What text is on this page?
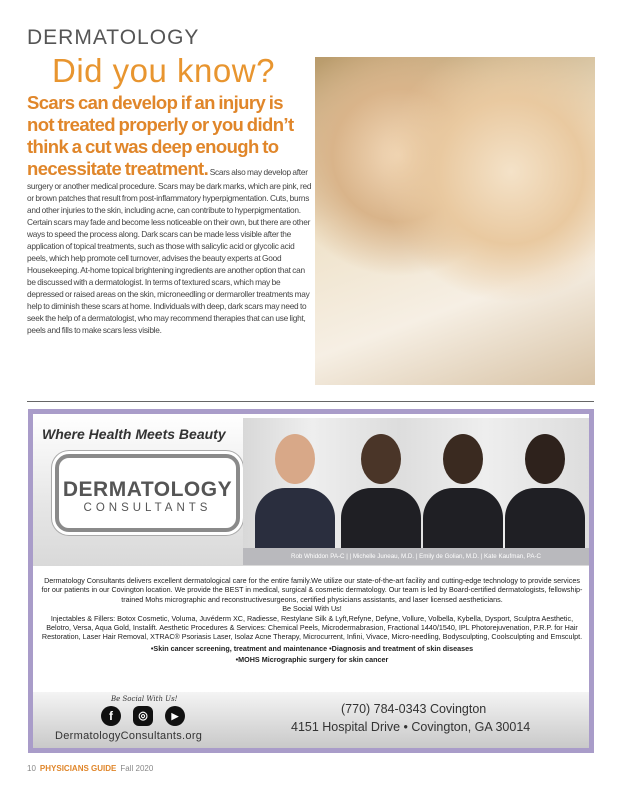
DERMATOLOGY
Did you know?
Scars can develop if an injury is not treated properly or you didn’t think a cut was deep enough to necessitate treatment. Scars also may develop after surgery or another medical procedure. Scars may be dark marks, which are pink, red or brown patches that result from post-inflammatory hyperpigmentation. Cuts, burns and other injuries to the skin, including acne, can contribute to hyperpigmentation. Certain scars may fade and become less noticeable on their own, but there are other ways to speed the process along. Dark scars can be made less visible after the application of topical treatments, such as those with salicylic acid or glycolic acid peels, which help promote cell turnover, advises the beauty experts at Good Housekeeping. At-home topical brightening ingredients are another option that can be discussed with a dermatologist. In terms of textured scars, which may be depressed or raised areas on the skin, microneedling or dermaroller treatments may help to diminish these scars at home. Individuals with deep, dark scars may need to seek the help of a dermatologist, who may recommend therapies that can use light, peels and fills to make scars less visible.
Where Health Meets Beauty
DERMATOLOGY
CONSULTANTS
Rob Whiddon PA-C | | Michelle Juneau, M.D. | Emily de Golian, M.D. | Kate Kaufman, PA-C
Dermatology Consultants delivers excellent dermatological care for the entire family.We utilize our state-of-the-art facility and cutting-edge technology to provide services for our patients in our Covington location. We provide the BEST in medical, surgical & cosmetic dermatology. Our team is led by Board-certified dermatologists, fellowship-trained Mohs micrographic and reconstructivesurgeons, certified physicians assistants, and laser licensed aestheticians.
Be Social With Us!
Injectables & Fillers: Botox Cosmetic, Voluma, Juvéderm XC, Radiesse, Restylane Silk & Lyft,Refyne, Defyne, Vollure, Volbella, Kybella, Dysport, Sculptra Aesthetic, Belotro, Versa, Aqua Gold, Instalift. Aesthetic Procedures & Services: Chemical Peels, Microdermabrasion, Fractional 1440/1540, IPL Photorejuvenation, P.R.P. for Hair Restoration, Laser Hair Removal, XTRAC® Psoriasis Laser, Isolaz Acne Therapy, Microcurrent, Infini, Vivace, Micro-needling, Bodysculpting, Coolsculpting and Emsculpt.
•Skin cancer screening, treatment and maintenance •Diagnosis and treatment of skin diseases
•MOHS Micrographic surgery for skin cancer
Be Social With Us!
f	◎	▶
DermatologyConsultants.org
(770) 784-0343 Covington
4151 Hospital Drive • Covington, GA 30014
10 PHYSICIANS GUIDE Fall 2020
